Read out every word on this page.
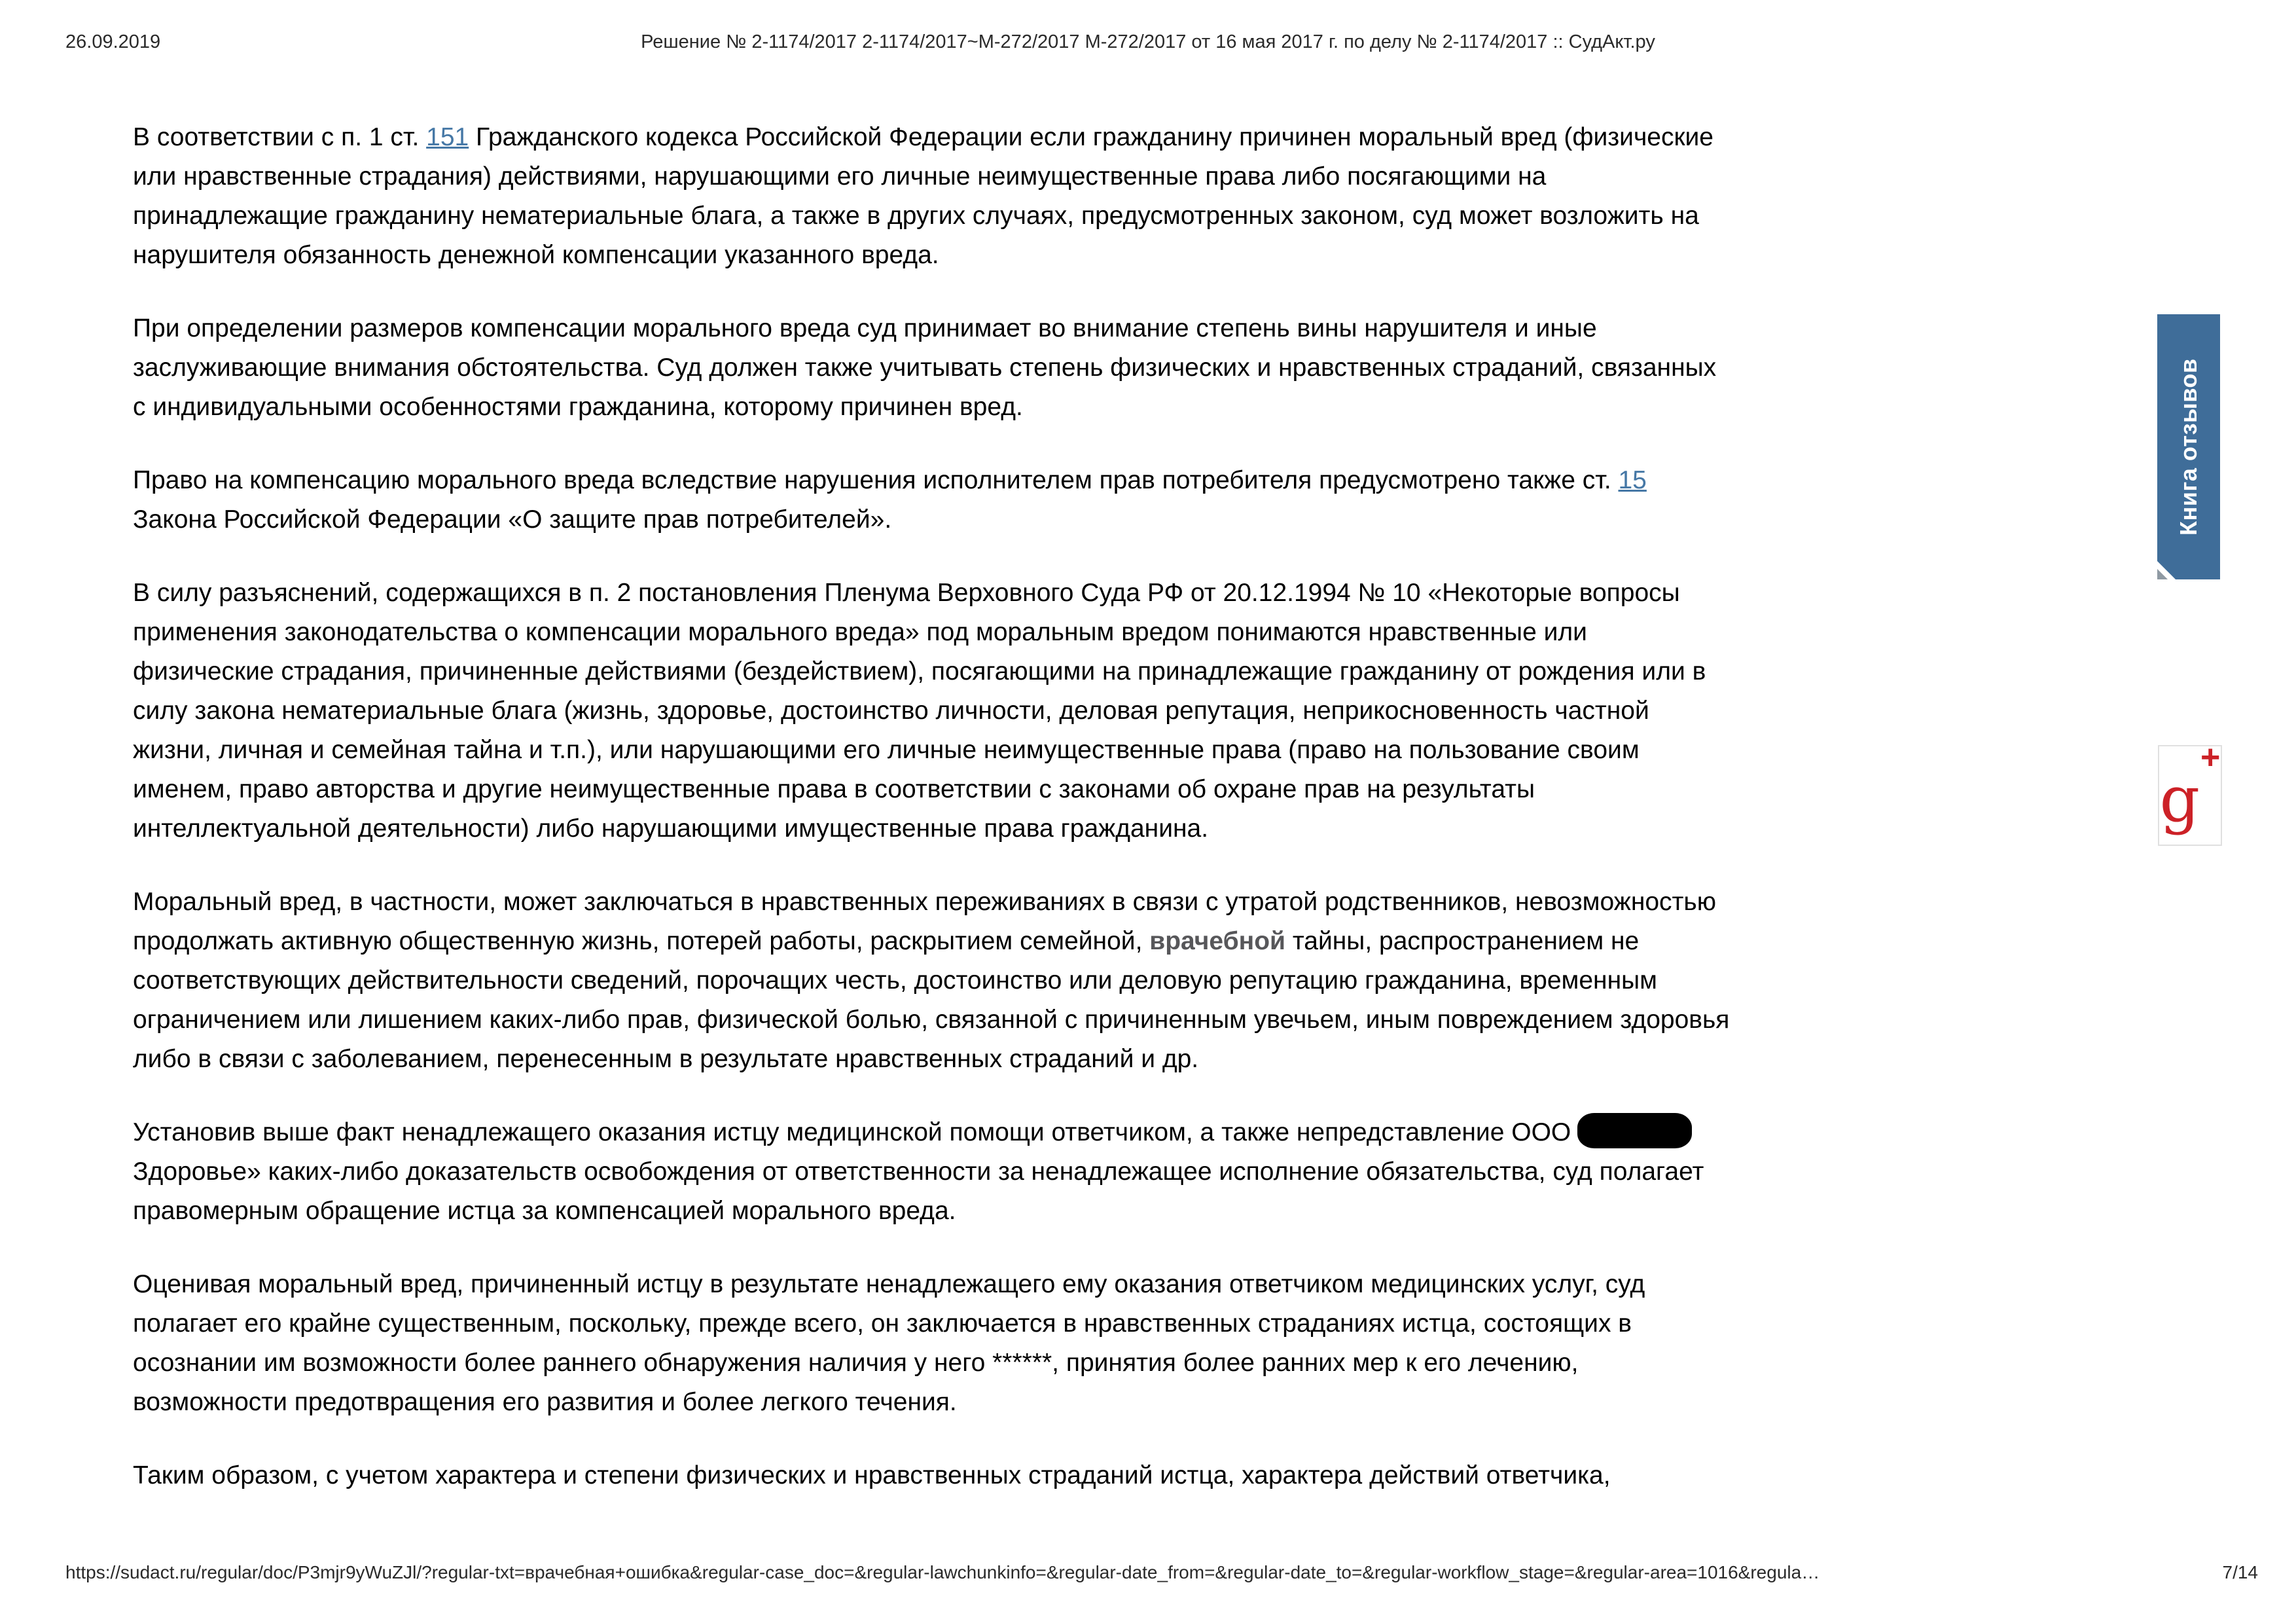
26.09.2019	Решение № 2-1174/2017 2-1174/2017~М-272/2017 М-272/2017 от 16 мая 2017 г. по делу № 2-1174/2017 :: СудАкт.ру
В соответствии с п. 1 ст. 151 Гражданского кодекса Российской Федерации если гражданину причинен моральный вред (физические
или нравственные страдания) действиями, нарушающими его личные неимущественные права либо посягающими на
принадлежащие гражданину нематериальные блага, а также в других случаях, предусмотренных законом, суд может возложить на
нарушителя обязанность денежной компенсации указанного вреда.
При определении размеров компенсации морального вреда суд принимает во внимание степень вины нарушителя и иные
заслуживающие внимания обстоятельства. Суд должен также учитывать степень физических и нравственных страданий, связанных
с индивидуальными особенностями гражданина, которому причинен вред.
Право на компенсацию морального вреда вследствие нарушения исполнителем прав потребителя предусмотрено также ст. 15
Закона Российской Федерации «О защите прав потребителей».
В силу разъяснений, содержащихся в п. 2 постановления Пленума Верховного Суда РФ от 20.12.1994 № 10 «Некоторые вопросы
применения законодательства о компенсации морального вреда» под моральным вредом понимаются нравственные или
физические страдания, причиненные действиями (бездействием), посягающими на принадлежащие гражданину от рождения или в
силу закона нематериальные блага (жизнь, здоровье, достоинство личности, деловая репутация, неприкосновенность частной
жизни, личная и семейная тайна и т.п.), или нарушающими его личные неимущественные права (право на пользование своим
именем, право авторства и другие неимущественные права в соответствии с законами об охране прав на результаты
интеллектуальной деятельности) либо нарушающими имущественные права гражданина.
Моральный вред, в частности, может заключаться в нравственных переживаниях в связи с утратой родственников, невозможностью
продолжать активную общественную жизнь, потерей работы, раскрытием семейной, врачебной тайны, распространением не
соответствующих действительности сведений, порочащих честь, достоинство или деловую репутацию гражданина, временным
ограничением или лишением каких-либо прав, физической болью, связанной с причиненным увечьем, иным повреждением здоровья
либо в связи с заболеванием, перенесенным в результате нравственных страданий и др.
Установив выше факт ненадлежащего оказания истцу медицинской помощи ответчиком, а также непредставление ООО
Здоровье» каких-либо доказательств освобождения от ответственности за ненадлежащее исполнение обязательства, суд полагает
правомерным обращение истца за компенсацией морального вреда.
Оценивая моральный вред, причиненный истцу в результате ненадлежащего ему оказания ответчиком медицинских услуг, суд
полагает его крайне существенным, поскольку, прежде всего, он заключается в нравственных страданиях истца, состоящих в
осознании им возможности более раннего обнаружения наличия у него ******, принятия более ранних мер к его лечению,
возможности предотвращения его развития и более легкого течения.
Таким образом, с учетом характера и степени физических и нравственных страданий истца, характера действий ответчика,
Книга отзывов
g+
https://sudact.ru/regular/doc/P3mjr9yWuZJl/?regular-txt=врачебная+ошибка&regular-case_doc=&regular-lawchunkinfo=&regular-date_from=&regular-date_to=&regular-workflow_stage=&regular-area=1016&regula…	7/14
